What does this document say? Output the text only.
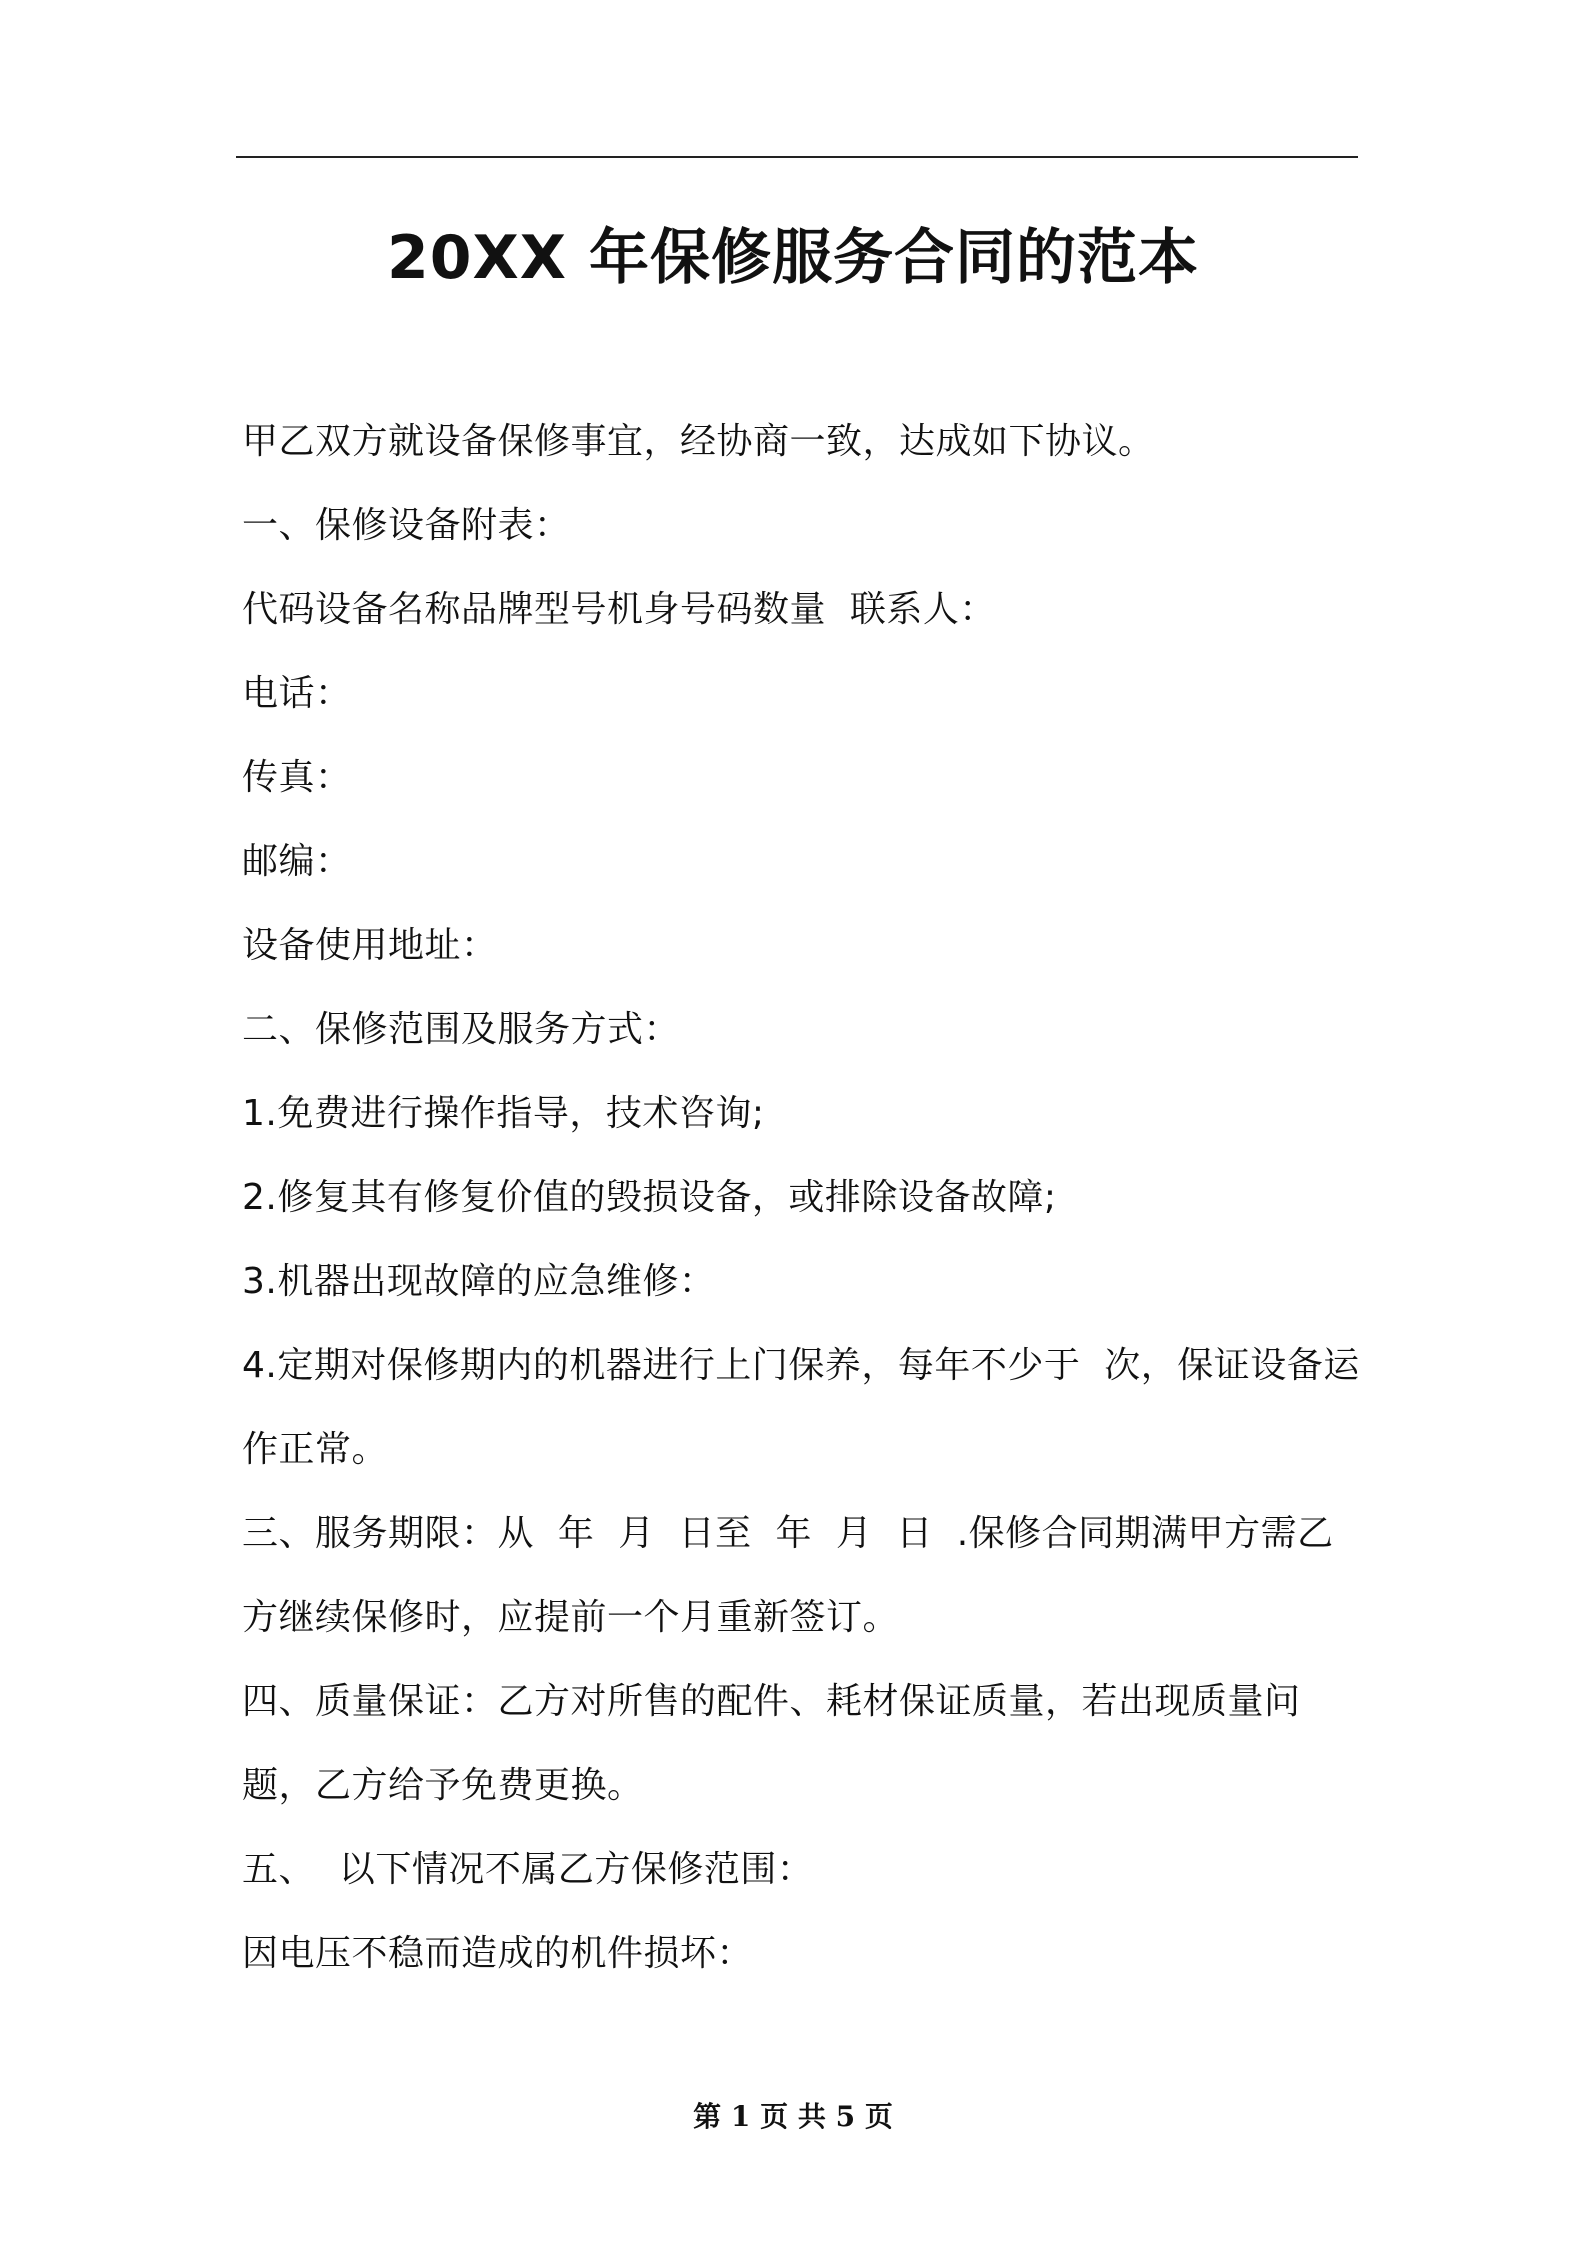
20XX 年保修服务合同的范本

甲乙双方就设备保修事宜，经协商一致，达成如下协议。

一、保修设备附表：

代码设备名称品牌型号机身号码数量  联系人：

电话：

传真：

邮编：

设备使用地址：

二、保修范围及服务方式：

1.免费进行操作指导，技术咨询;

2.修复其有修复价值的毁损设备，或排除设备故障;

3.机器出现故障的应急维修：

4.定期对保修期内的机器进行上门保养，每年不少于  次，保证设备运作正常。

三、服务期限：从  年  月  日至  年  月  日  .保修合同期满甲方需乙方继续保修时，应提前一个月重新签订。

四、质量保证：乙方对所售的配件、耗材保证质量，若出现质量问题，乙方给予免费更换。

五、  以下情况不属乙方保修范围：

因电压不稳而造成的机件损坏：

第 1 页 共 5 页
